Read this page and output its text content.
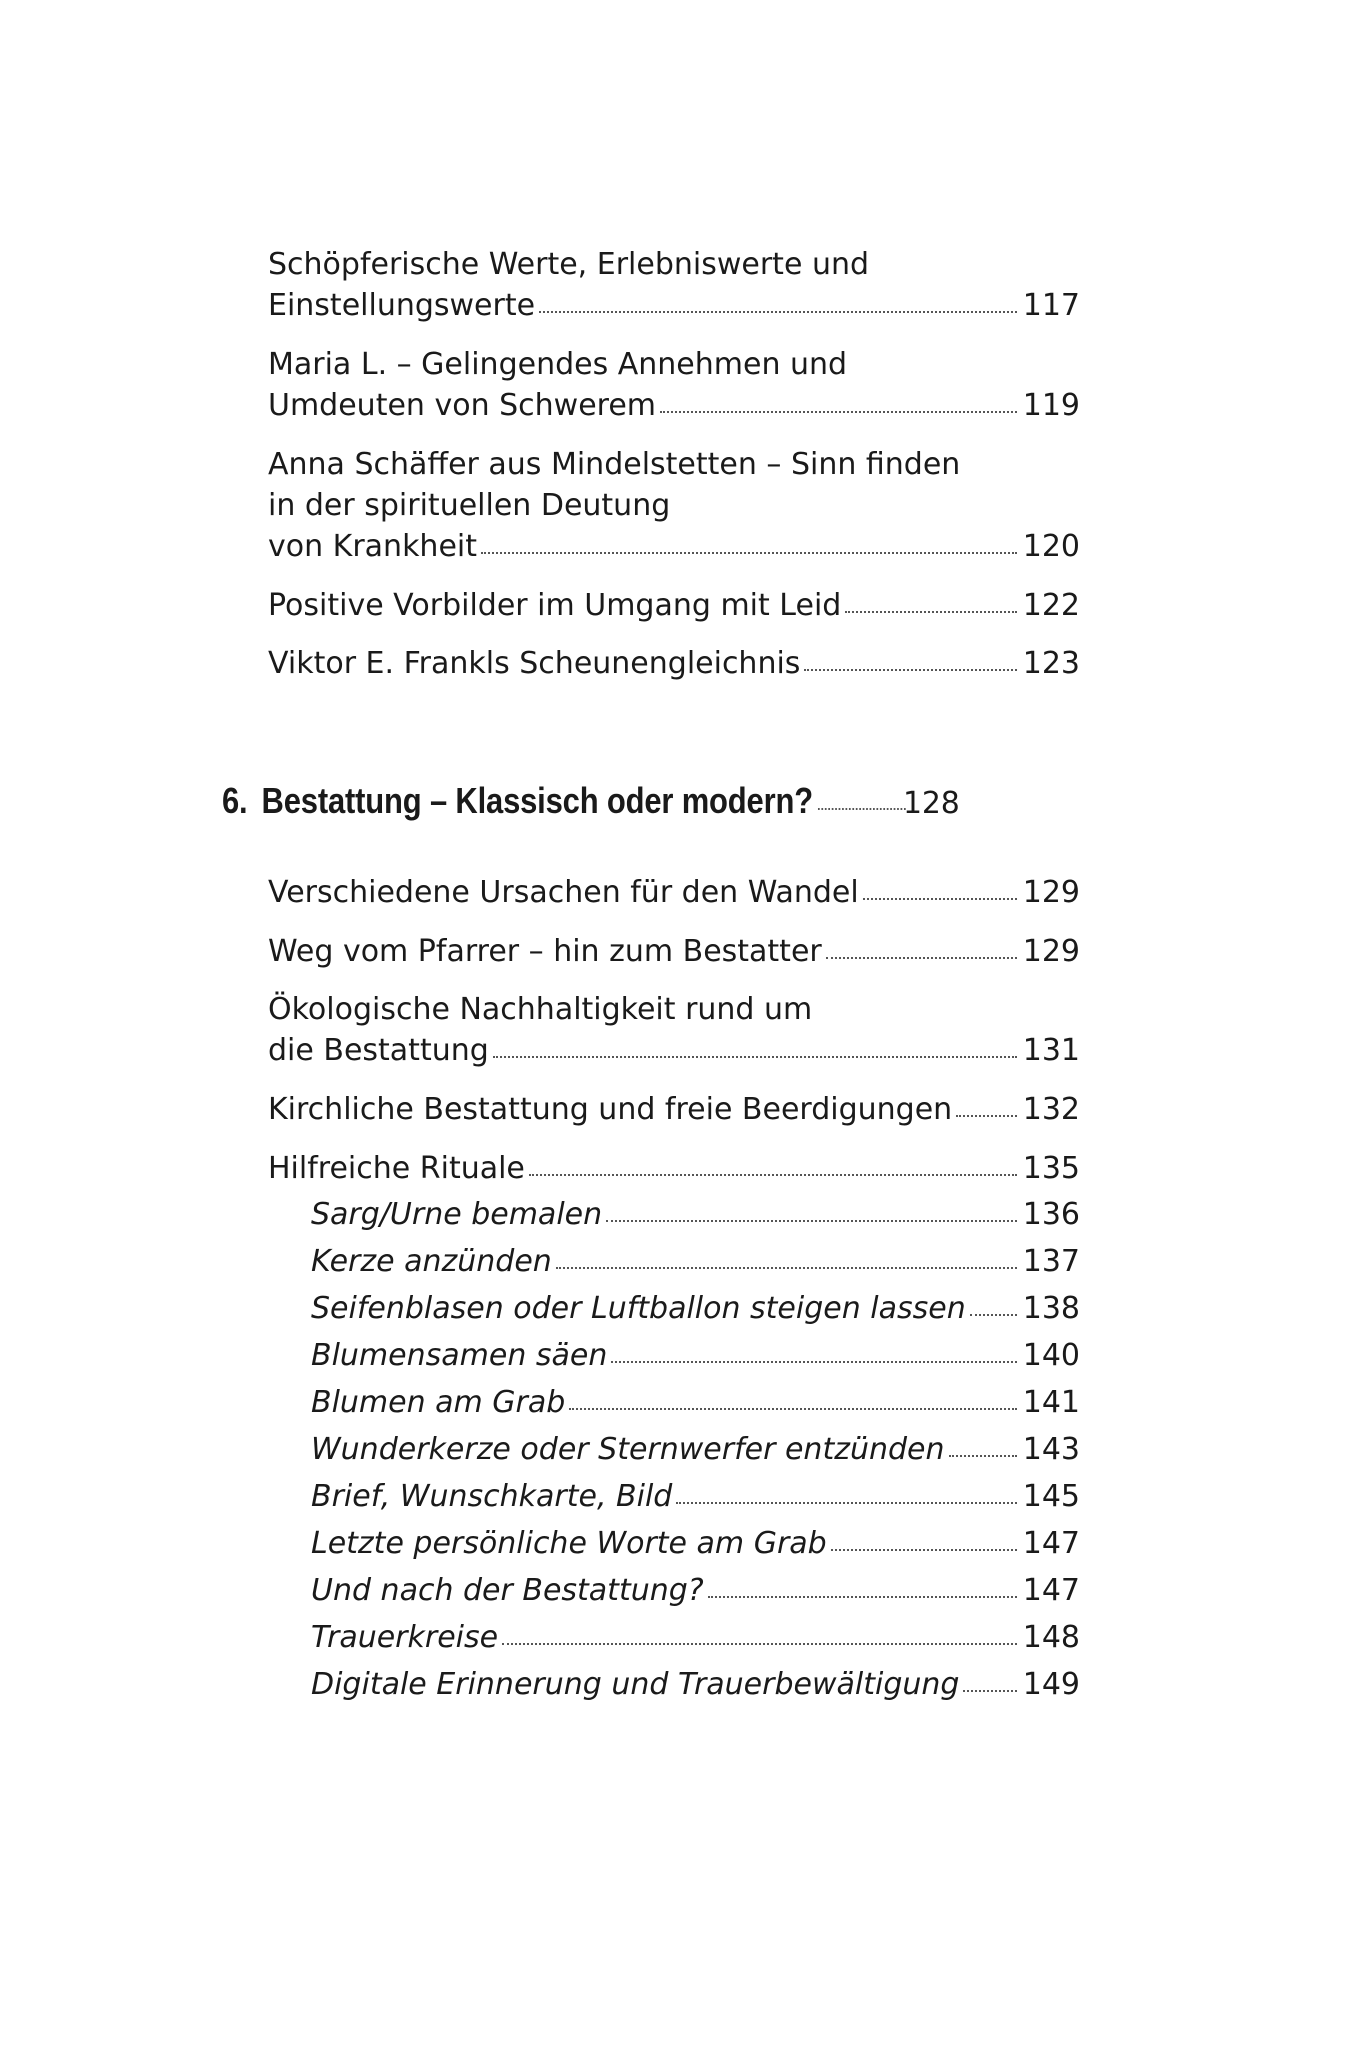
Schöpferische Werte, Erlebniswerte und
Einstellungswerte	117
Maria L. – Gelingendes Annehmen und
Umdeuten von Schwerem	119
Anna Schäffer aus Mindelstetten – Sinn finden
in der spirituellen Deutung
von Krankheit	120
Positive Vorbilder im Umgang mit Leid	122
Viktor E. Frankls Scheunengleichnis	123
6. Bestattung – Klassisch oder modern?	128
Verschiedene Ursachen für den Wandel	129
Weg vom Pfarrer – hin zum Bestatter	129
Ökologische Nachhaltigkeit rund um
die Bestattung	131
Kirchliche Bestattung und freie Beerdigungen 132
Hilfreiche Rituale	135
Sarg/Urne bemalen	136
Kerze anzünden	137
Seifenblasen oder Luftballon steigen lassen 138
Blumensamen säen	140
Blumen am Grab	141
Wunderkerze oder Sternwerfer entzünden	143
Brief, Wunschkarte, Bild	145
Letzte persönliche Worte am Grab	147
Und nach der Bestattung?	147
Trauerkreise	148
Digitale Erinnerung und Trauerbewältigung 149
